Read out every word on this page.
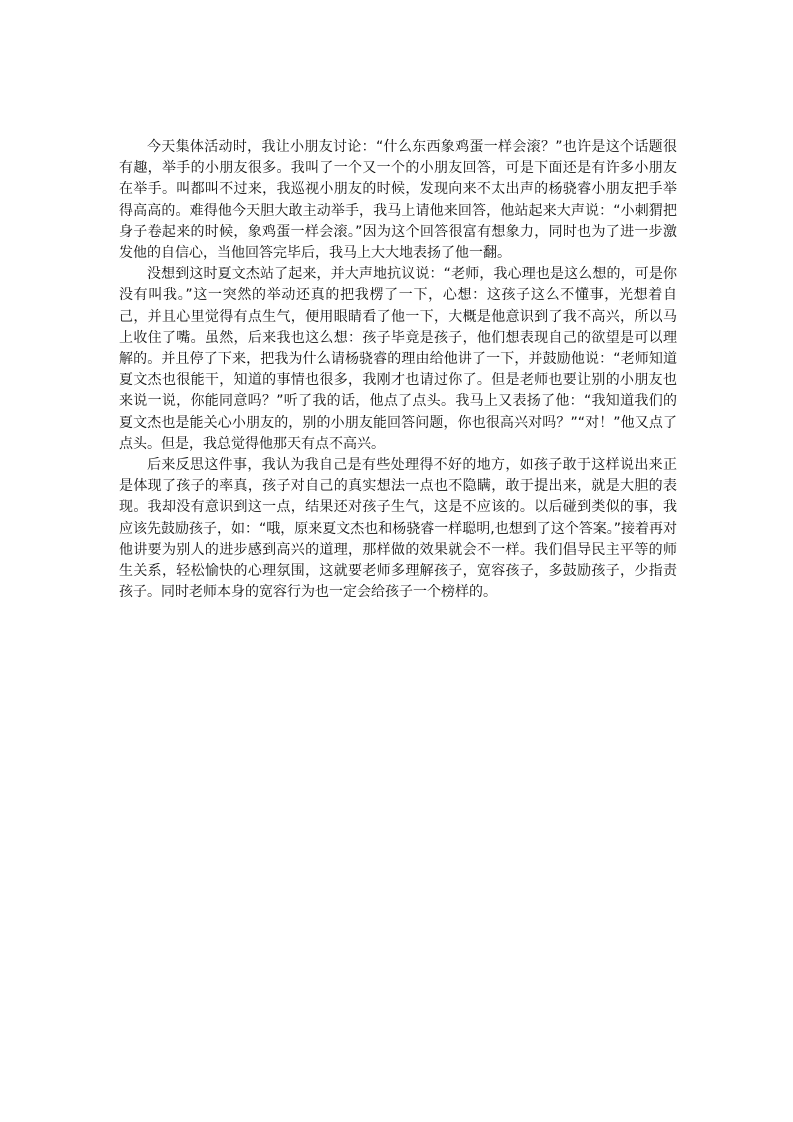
今天集体活动时，我让小朋友讨论：“什么东西象鸡蛋一样会滚？”也许是这个话题很有趣，举手的小朋友很多。我叫了一个又一个的小朋友回答，可是下面还是有许多小朋友在举手。叫都叫不过来，我巡视小朋友的时候，发现向来不太出声的杨骁睿小朋友把手举得高高的。难得他今天胆大敢主动举手，我马上请他来回答，他站起来大声说：“小刺猬把身子卷起来的时候，象鸡蛋一样会滚。”因为这个回答很富有想象力，同时也为了进一步激发他的自信心，当他回答完毕后，我马上大大地表扬了他一翻。

没想到这时夏文杰站了起来，并大声地抗议说：“老师，我心理也是这么想的，可是你没有叫我。”这一突然的举动还真的把我楞了一下，心想：这孩子这么不懂事，光想着自己，并且心里觉得有点生气，便用眼睛看了他一下，大概是他意识到了我不高兴，所以马上收住了嘴。虽然，后来我也这么想：孩子毕竟是孩子，他们想表现自己的欲望是可以理解的。并且停了下来，把我为什么请杨骁睿的理由给他讲了一下，并鼓励他说：“老师知道夏文杰也很能干，知道的事情也很多，我刚才也请过你了。但是老师也要让别的小朋友也来说一说，你能同意吗？”听了我的话，他点了点头。我马上又表扬了他：“我知道我们的夏文杰也是能关心小朋友的，别的小朋友能回答问题，你也很高兴对吗？”“对！”他又点了点头。但是，我总觉得他那天有点不高兴。

后来反思这件事，我认为我自己是有些处理得不好的地方，如孩子敢于这样说出来正是体现了孩子的率真，孩子对自己的真实想法一点也不隐瞒，敢于提出来，就是大胆的表现。我却没有意识到这一点，结果还对孩子生气，这是不应该的。以后碰到类似的事，我应该先鼓励孩子，如：“哦，原来夏文杰也和杨骁睿一样聪明,也想到了这个答案。”接着再对他讲要为别人的进步感到高兴的道理，那样做的效果就会不一样。我们倡导民主平等的师生关系，轻松愉快的心理氛围，这就要老师多理解孩子，宽容孩子，多鼓励孩子，少指责孩子。同时老师本身的宽容行为也一定会给孩子一个榜样的。
